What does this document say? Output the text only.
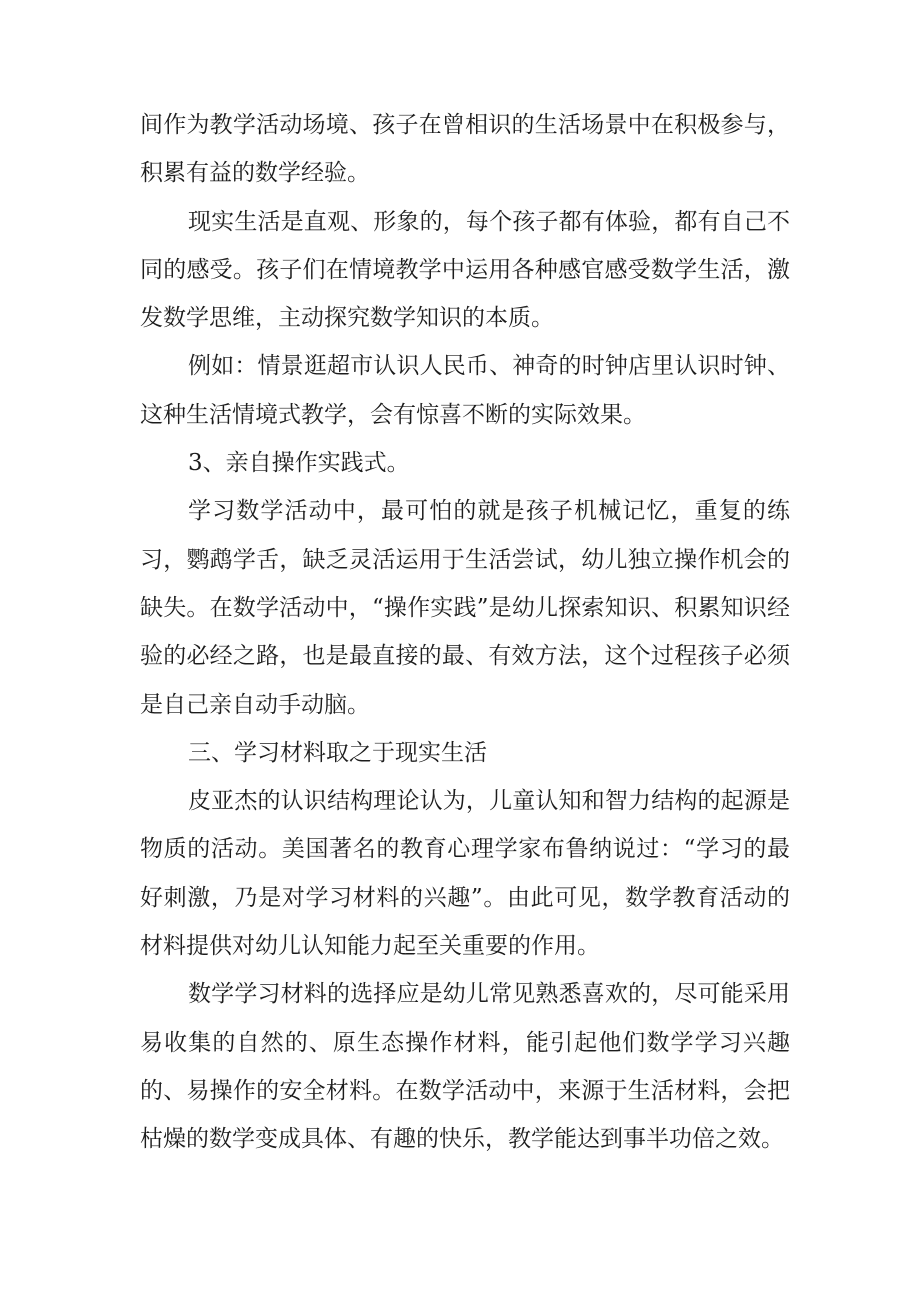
间作为教学活动场境、孩子在曾相识的生活场景中在积极参与，积累有益的数学经验。

现实生活是直观、形象的，每个孩子都有体验，都有自己不同的感受。孩子们在情境教学中运用各种感官感受数学生活，激发数学思维，主动探究数学知识的本质。

例如：情景逛超市认识人民币、神奇的时钟店里认识时钟、这种生活情境式教学，会有惊喜不断的实际效果。

3、亲自操作实践式。

学习数学活动中，最可怕的就是孩子机械记忆，重复的练习，鹦鹉学舌，缺乏灵活运用于生活尝试，幼儿独立操作机会的缺失。在数学活动中，“操作实践”是幼儿探索知识、积累知识经验的必经之路，也是最直接的最、有效方法，这个过程孩子必须是自己亲自动手动脑。

三、学习材料取之于现实生活

皮亚杰的认识结构理论认为，儿童认知和智力结构的起源是物质的活动。美国著名的教育心理学家布鲁纳说过：“学习的最好刺激，乃是对学习材料的兴趣”。由此可见，数学教育活动的材料提供对幼儿认知能力起至关重要的作用。

数学学习材料的选择应是幼儿常见熟悉喜欢的，尽可能采用易收集的自然的、原生态操作材料，能引起他们数学学习兴趣的、易操作的安全材料。在数学活动中，来源于生活材料，会把枯燥的数学变成具体、有趣的快乐，教学能达到事半功倍之效。
